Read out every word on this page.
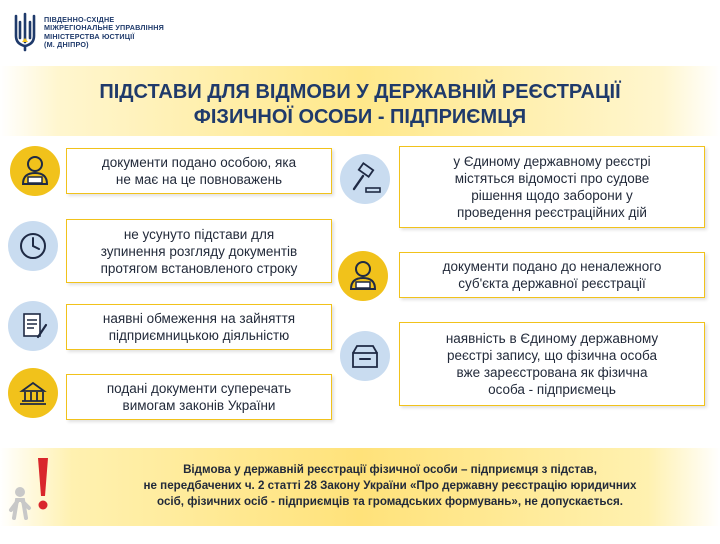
ПІВДЕННО-СХІДНЕ
МІЖРЕГІОНАЛЬНЕ УПРАВЛІННЯ
МІНІСТЕРСТВА ЮСТИЦІЇ
(М. ДНІПРО)
ПІДСТАВИ ДЛЯ ВІДМОВИ У ДЕРЖАВНІЙ РЕЄСТРАЦІЇ
ФІЗИЧНОЇ ОСОБИ - ПІДПРИЄМЦЯ
документи подано особою, яка
не має на це повноважень
не усунуто підстави для
зупинення розгляду документів
протягом встановленого строку
наявні обмеження на зайняття
підприємницькою діяльністю
подані документи суперечать
вимогам законів України
у Єдиному державному реєстрі
містяться відомості про судове
рішення щодо заборони у
проведення реєстраційних дій
документи подано до неналежного
суб'єкта державної реєстрації
наявність в Єдиному державному
реєстрі запису, що фізична особа
вже зареєстрована як фізична
особа - підприємець
Відмова у державній реєстрації фізичної особи – підприємця з підстав,
не передбачених ч. 2 статті 28 Закону України «Про державну реєстрацію юридичних
осіб, фізичних осіб - підприємців та громадських формувань», не допускається.
